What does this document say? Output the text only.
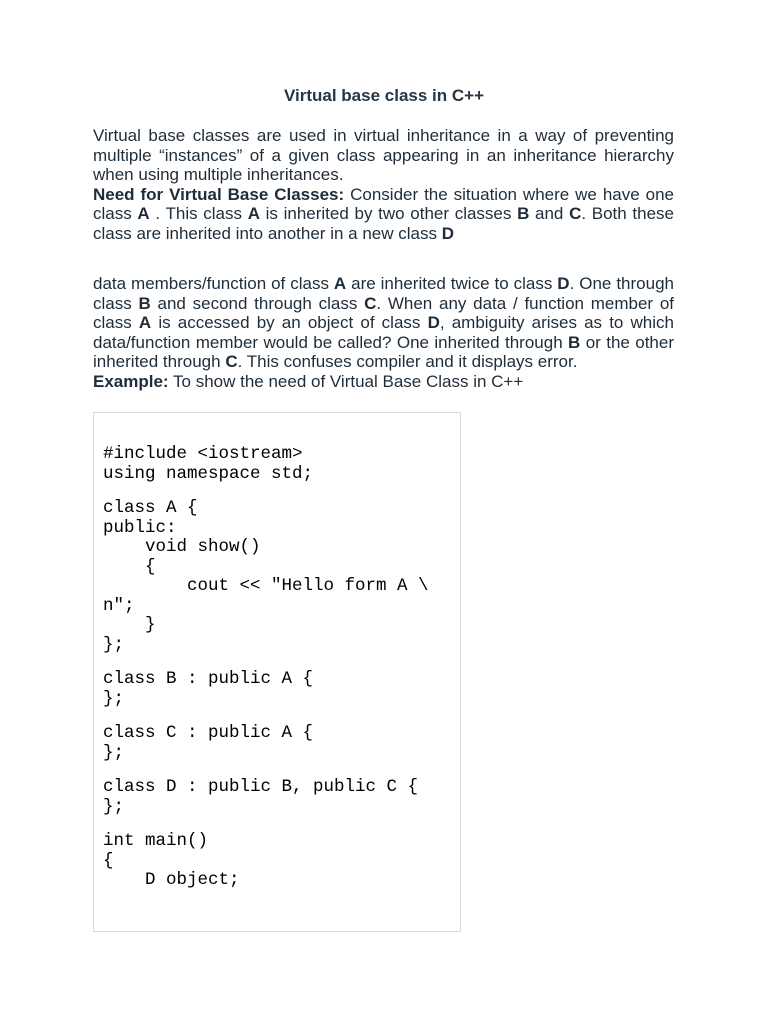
Virtual base class in C++
Virtual base classes are used in virtual inheritance in a way of preventing multiple “instances” of a given class appearing in an inheritance hierarchy when using multiple inheritances.
Need for Virtual Base Classes: Consider the situation where we have one class A . This class A is inherited by two other classes B and C. Both these class are inherited into another in a new class D
data members/function of class A are inherited twice to class D. One through class B and second through class C. When any data / function member of class A is accessed by an object of class D, ambiguity arises as to which data/function member would be called? One inherited through B or the other inherited through C. This confuses compiler and it displays error.
Example: To show the need of Virtual Base Class in C++
#include <iostream>
using namespace std;
class A {
public:
void show()
{
cout << "Hello form A \
n";
}
};
class B : public A {
};
class C : public A {
};
class D : public B, public C {
};
int main()
{
D object;
